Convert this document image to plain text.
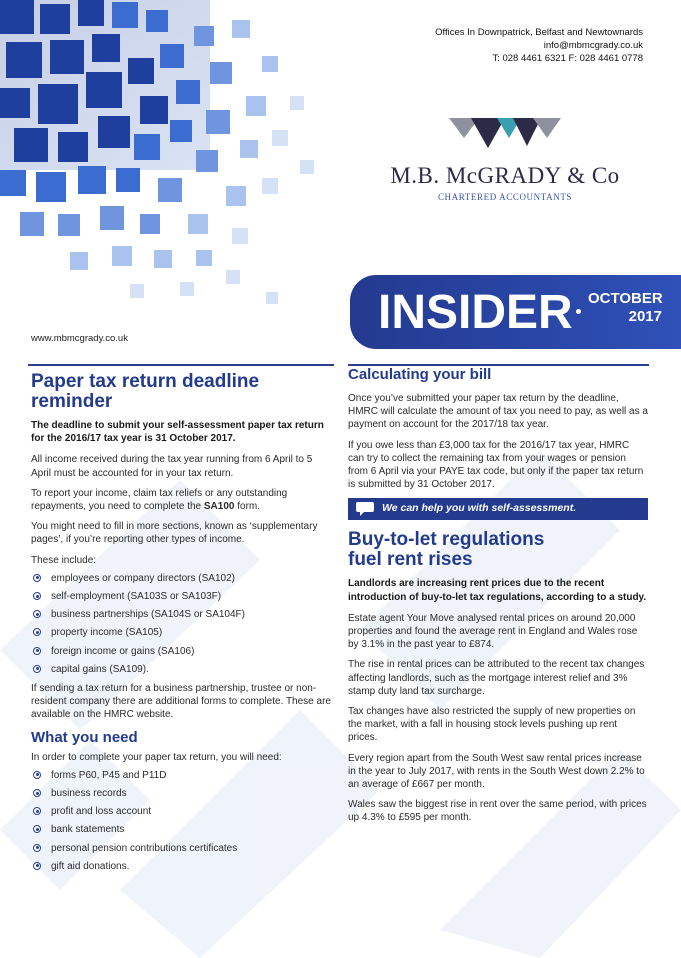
Offices In Downpatrick, Belfast and Newtownards
info@mbmcgrady.co.uk
T: 028 4461 6321 F: 028 4461 0778
M.B. McGRADY & Co
CHARTERED ACCOUNTANTS
INSIDER OCTOBER
2017
www.mbmcgrady.co.uk
Paper tax return deadline reminder
The deadline to submit your self-assessment paper tax return for the 2016/17 tax year is 31 October 2017.

All income received during the tax year running from 6 April to 5 April must be accounted for in your tax return.

To report your income, claim tax reliefs or any outstanding repayments, you need to complete the SA100 form.

You might need to fill in more sections, known as ‘supplementary pages’, if you’re reporting other types of income.

These include:

employees or company directors (SA102)
self-employment (SA103S or SA103F)
business partnerships (SA104S or SA104F)
property income (SA105)
foreign income or gains (SA106)
capital gains (SA109).

If sending a tax return for a business partnership, trustee or non-resident company there are additional forms to complete. These are available on the HMRC website.

What you need

In order to complete your paper tax return, you will need:

forms P60, P45 and P11D
business records
profit and loss account
bank statements
personal pension contributions certificates
gift aid donations.
Calculating your bill

Once you’ve submitted your paper tax return by the deadline, HMRC will calculate the amount of tax you need to pay, as well as a payment on account for the 2017/18 tax year.

If you owe less than £3,000 tax for the 2016/17 tax year, HMRC can try to collect the remaining tax from your wages or pension from 6 April via your PAYE tax code, but only if the paper tax return is submitted by 31 October 2017.

We can help you with self-assessment.
Buy-to-let regulations fuel rent rises
Landlords are increasing rent prices due to the recent introduction of buy-to-let tax regulations, according to a study.

Estate agent Your Move analysed rental prices on around 20,000 properties and found the average rent in England and Wales rose by 3.1% in the past year to £874.

The rise in rental prices can be attributed to the recent tax changes affecting landlords, such as the mortgage interest relief and 3% stamp duty land tax surcharge.

Tax changes have also restricted the supply of new properties on the market, with a fall in housing stock levels pushing up rent prices.

Every region apart from the South West saw rental prices increase in the year to July 2017, with rents in the South West down 2.2% to an average of £667 per month.

Wales saw the biggest rise in rent over the same period, with prices up 4.3% to £595 per month.
